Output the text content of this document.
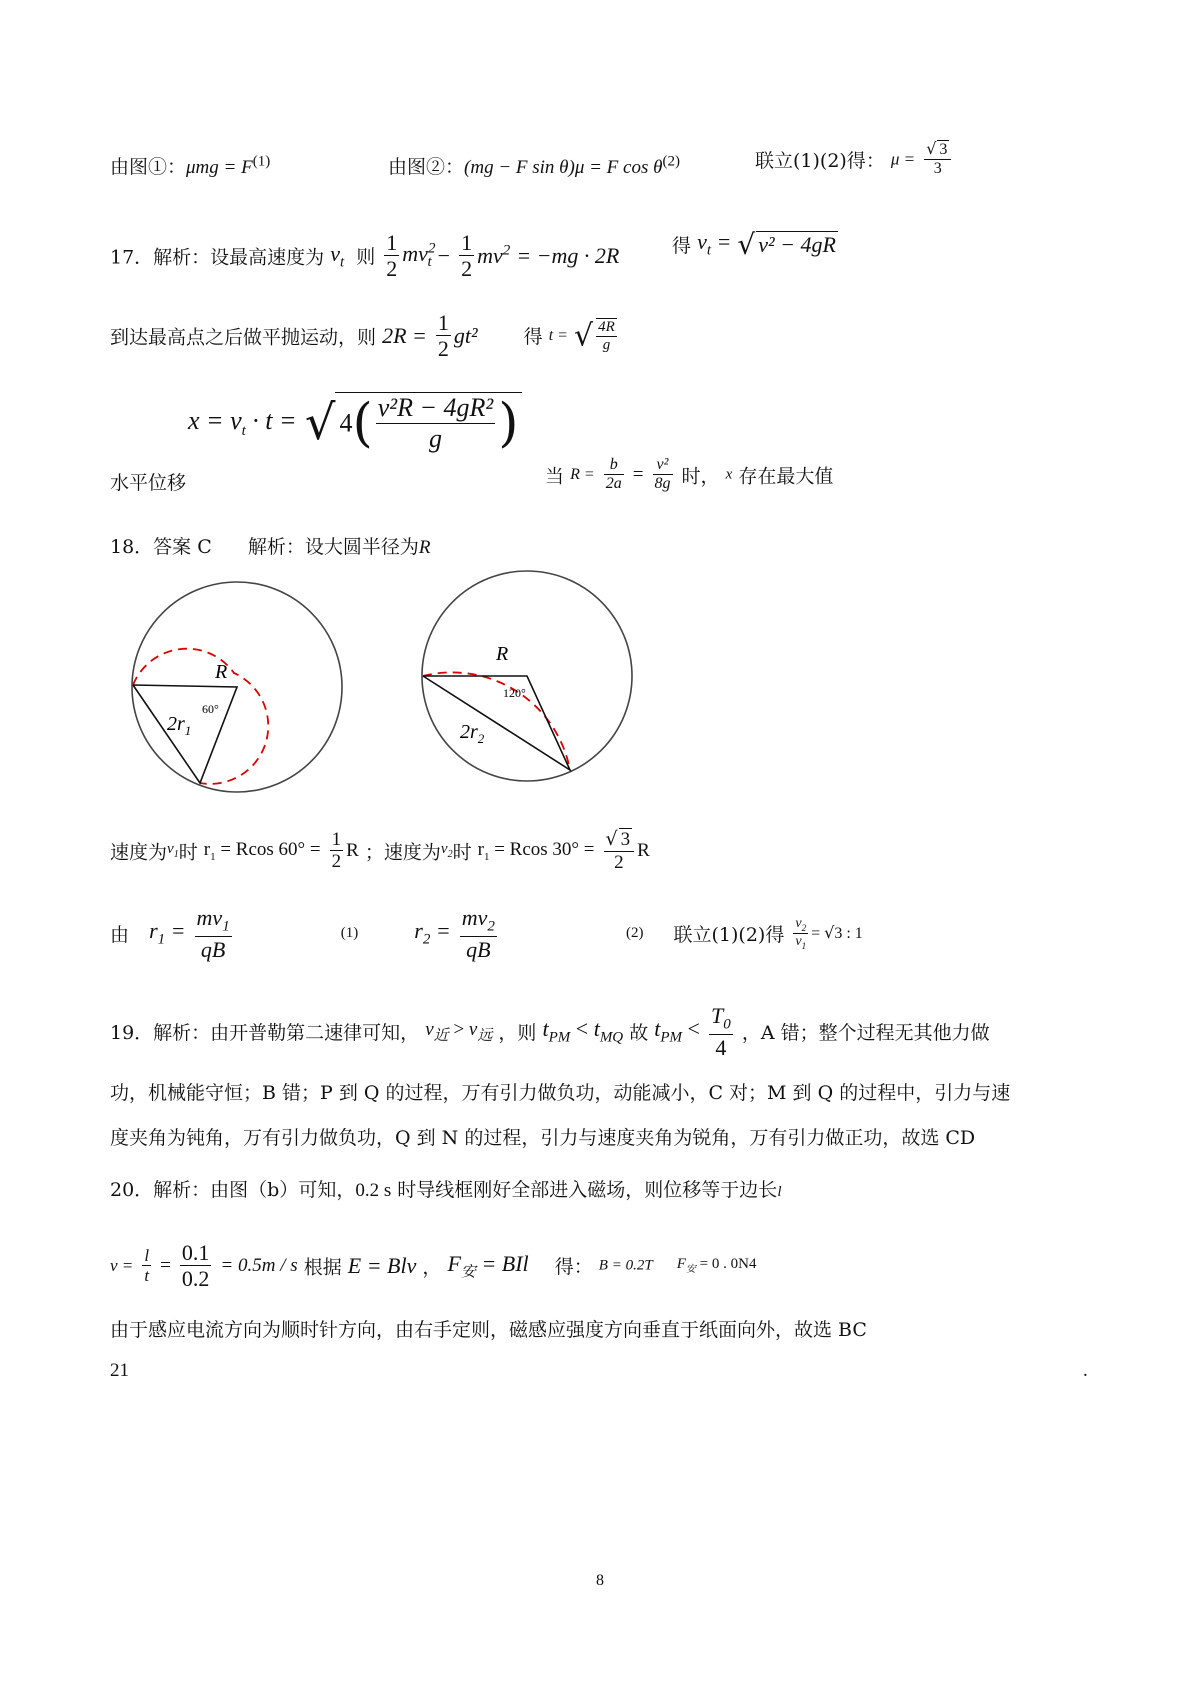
由图①：$\mu mg = F^{(1)}$	由图②：(mg − F sin θ)μ = F $\cos \theta^{(2)}$	联立(1)(2)得： $\mu = \frac{√ 3}{3}$
17．解析：设最高速度为 $v_t$ 则 $\frac{1}{2} mv^2_t - \frac{1}{2} mv^2 = -mg \cdot 2R$	得 $v_t$ = √ v² − 4gR
到达最高点之后做平抛运动，则 $2R = \frac{1}{2} gt^2$ 得 t = √ $\frac{4R}{g}$
$x = v_t \cdot t$ = √ $4( \frac{\text{v²R − 4gR²}}{g}$ )
水平位移	当 $R = \frac{b}{2a} = \frac{\text{v²}}{8g}$ 时， x 存在最大值
18．答案 C 解析：设大圆半径为R
R
60°
$2r_1$
R
120°
$2r_2$
速度为$v_1$时 $r_1 = Rcos$ $60^\circ = \frac{1}{2}$ R ；速度为$v_2$时 $r_1 = Rcos$ $30^\circ = \frac{√ 3}{2}$ R
由 $r_1 = \frac{mv_1}{qB}$	(1)	$r_2 = \frac{mv_2}{qB}$	(2) 联立(1)(2)得 $\frac{v_2}{v_1} = √3$ : 1
19．解析：由开普勒第二速律可知， $v_近 > v_远$ ，则 $t_{PM} < t_{MQ}$ 故 $t_{PM} < \frac{T_0}{4}$ ，A 错；整个过程无其他力做
功，机械能守恒；B 错；P 到 Q 的过程，万有引力做负功，动能减小，C 对；M 到 Q 的过程中，引力与速
度夹角为钝角，万有引力做负功，Q 到 N 的过程，引力与速度夹角为锐角，万有引力做正功，故选 CD
20．解析：由图（b）可知，0.2 s 时导线框刚好全部进入磁场，则位移等于边长l
$v = \frac{l}{t} = \frac{0.1}{0.2} = 0.5m / s$ 根据 E = Blv ， $F_安$ = BIl 得： B = 0.2T $F_安 = 0$ . 0N4
由于感应电流方向为顺时针方向，由右手定则，磁感应强度方向垂直于纸面向外，故选 BC
21	.
8
